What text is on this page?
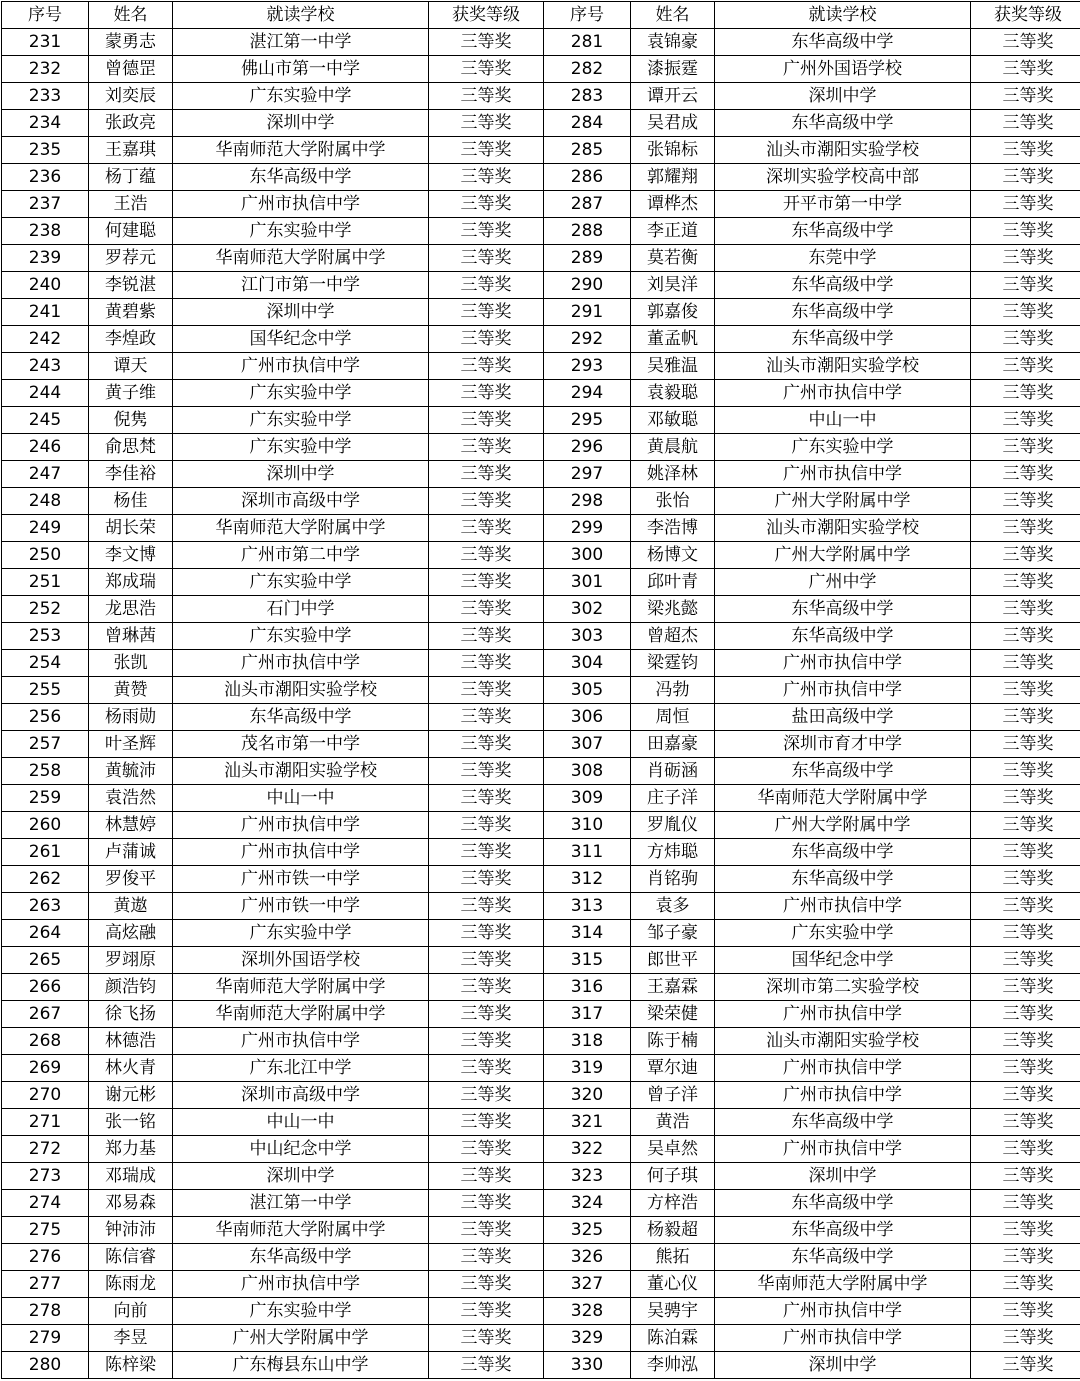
序号	姓名	就读学校	获奖等级	序号	姓名	就读学校	获奖等级
231	蒙勇志	湛江第一中学	三等奖	281	袁锦豪	东华高级中学	三等奖
232	曾德罡	佛山市第一中学	三等奖	282	漆振霆	广州外国语学校	三等奖
233	刘奕辰	广东实验中学	三等奖	283	谭开云	深圳中学	三等奖
234	张政亮	深圳中学	三等奖	284	吴君成	东华高级中学	三等奖
235	王嘉琪	华南师范大学附属中学	三等奖	285	张锦标	汕头市潮阳实验学校	三等奖
236	杨丁蕴	东华高级中学	三等奖	286	郭耀翔	深圳实验学校高中部	三等奖
237	王浩	广州市执信中学	三等奖	287	谭桦杰	开平市第一中学	三等奖
238	何建聪	广东实验中学	三等奖	288	李正道	东华高级中学	三等奖
239	罗荐元	华南师范大学附属中学	三等奖	289	莫若衡	东莞中学	三等奖
240	李锐湛	江门市第一中学	三等奖	290	刘昊洋	东华高级中学	三等奖
241	黄碧紫	深圳中学	三等奖	291	郭嘉俊	东华高级中学	三等奖
242	李煌政	国华纪念中学	三等奖	292	董孟帆	东华高级中学	三等奖
243	谭天	广州市执信中学	三等奖	293	吴雅温	汕头市潮阳实验学校	三等奖
244	黄子维	广东实验中学	三等奖	294	袁毅聪	广州市执信中学	三等奖
245	倪隽	广东实验中学	三等奖	295	邓敏聪	中山一中	三等奖
246	俞思梵	广东实验中学	三等奖	296	黄晨航	广东实验中学	三等奖
247	李佳裕	深圳中学	三等奖	297	姚泽林	广州市执信中学	三等奖
248	杨佳	深圳市高级中学	三等奖	298	张怡	广州大学附属中学	三等奖
249	胡长荣	华南师范大学附属中学	三等奖	299	李浩博	汕头市潮阳实验学校	三等奖
250	李文博	广州市第二中学	三等奖	300	杨博文	广州大学附属中学	三等奖
251	郑成瑞	广东实验中学	三等奖	301	邱叶青	广州中学	三等奖
252	龙思浩	石门中学	三等奖	302	梁兆懿	东华高级中学	三等奖
253	曾琳茜	广东实验中学	三等奖	303	曾超杰	东华高级中学	三等奖
254	张凯	广州市执信中学	三等奖	304	梁霆钧	广州市执信中学	三等奖
255	黄赞	汕头市潮阳实验学校	三等奖	305	冯勃	广州市执信中学	三等奖
256	杨雨勋	东华高级中学	三等奖	306	周恒	盐田高级中学	三等奖
257	叶圣辉	茂名市第一中学	三等奖	307	田嘉豪	深圳市育才中学	三等奖
258	黄毓沛	汕头市潮阳实验学校	三等奖	308	肖砺涵	东华高级中学	三等奖
259	袁浩然	中山一中	三等奖	309	庄子洋	华南师范大学附属中学	三等奖
260	林慧婷	广州市执信中学	三等奖	310	罗胤仪	广州大学附属中学	三等奖
261	卢蒲诚	广州市执信中学	三等奖	311	方炜聪	东华高级中学	三等奖
262	罗俊平	广州市铁一中学	三等奖	312	肖铭驹	东华高级中学	三等奖
263	黄遨	广州市铁一中学	三等奖	313	袁多	广州市执信中学	三等奖
264	高炫融	广东实验中学	三等奖	314	邹子豪	广东实验中学	三等奖
265	罗翊原	深圳外国语学校	三等奖	315	郎世平	国华纪念中学	三等奖
266	颜浩钧	华南师范大学附属中学	三等奖	316	王嘉霖	深圳市第二实验学校	三等奖
267	徐飞扬	华南师范大学附属中学	三等奖	317	梁荣健	广州市执信中学	三等奖
268	林德浩	广州市执信中学	三等奖	318	陈于楠	汕头市潮阳实验学校	三等奖
269	林火青	广东北江中学	三等奖	319	覃尔迪	广州市执信中学	三等奖
270	谢元彬	深圳市高级中学	三等奖	320	曾子洋	广州市执信中学	三等奖
271	张一铭	中山一中	三等奖	321	黄浩	东华高级中学	三等奖
272	郑力基	中山纪念中学	三等奖	322	吴卓然	广州市执信中学	三等奖
273	邓瑞成	深圳中学	三等奖	323	何子琪	深圳中学	三等奖
274	邓易森	湛江第一中学	三等奖	324	方梓浩	东华高级中学	三等奖
275	钟沛沛	华南师范大学附属中学	三等奖	325	杨毅超	东华高级中学	三等奖
276	陈信睿	东华高级中学	三等奖	326	熊拓	东华高级中学	三等奖
277	陈雨龙	广州市执信中学	三等奖	327	董心仪	华南师范大学附属中学	三等奖
278	向前	广东实验中学	三等奖	328	吴骋宇	广州市执信中学	三等奖
279	李昱	广州大学附属中学	三等奖	329	陈泊霖	广州市执信中学	三等奖
280	陈梓梁	广东梅县东山中学	三等奖	330	李帅泓	深圳中学	三等奖
